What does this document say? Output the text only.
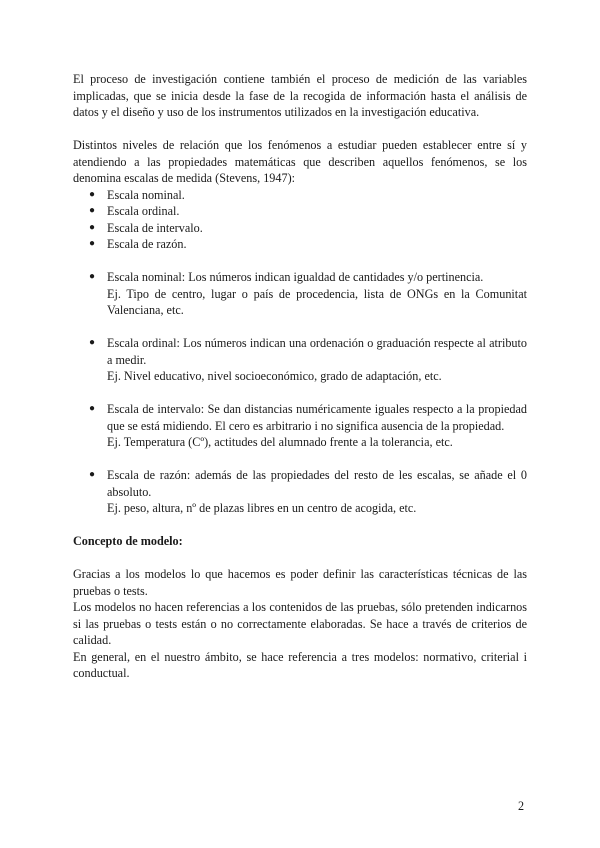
El proceso de investigación contiene también el proceso de medición de las variables implicadas, que se inicia desde la fase de la recogida de información hasta el análisis de datos y el diseño y uso de los instrumentos utilizados en la investigación educativa.

Distintos niveles de relación que los fenómenos a estudiar pueden establecer entre sí y atendiendo a las propiedades matemáticas que describen aquellos fenómenos, se los denomina escalas de medida (Stevens, 1947):

● Escala nominal.
● Escala ordinal.
● Escala de intervalo.
● Escala de razón.
● Escala nominal: Los números indican igualdad de cantidades y/o pertinencia.

Ej. Tipo de centro, lugar o país de procedencia, lista de ONGs en la Comunitat Valenciana, etc.

● Escala ordinal: Los números indican una ordenación o graduación respecte al atributo a medir.

Ej. Nivel educativo, nivel socioeconómico, grado de adaptación, etc.

● Escala de intervalo: Se dan distancias numéricamente iguales respecto a la propiedad que se está midiendo. El cero es arbitrario i no significa ausencia de la propiedad.

Ej. Temperatura (Cº), actitudes del alumnado frente a la tolerancia, etc.

● Escala de razón: además de las propiedades del resto de les escalas, se añade el 0 absoluto.

Ej. peso, altura, nº de plazas libres en un centro de acogida, etc.

Concepto de modelo:

Gracias a los modelos lo que hacemos es poder definir las características técnicas de las pruebas o tests.

Los modelos no hacen referencias a los contenidos de las pruebas, sólo pretenden indicarnos si las pruebas o tests están o no correctamente elaboradas. Se hace a través de criterios de calidad.

En general, en el nuestro ámbito, se hace referencia a tres modelos: normativo, criterial i conductual.

2
